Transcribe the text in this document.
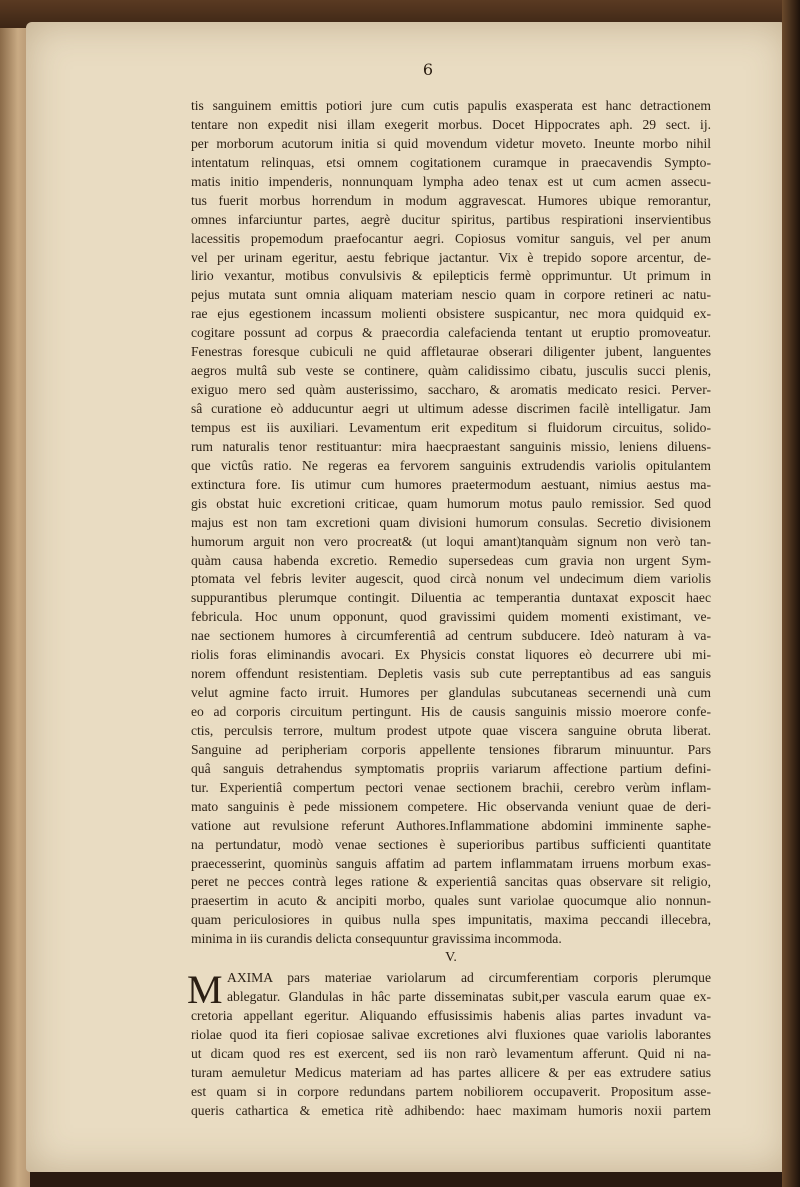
6
tis sanguinem emittis potiori jure cum cutis papulis exasperata est hanc detractionem
tentare non expedit nisi illam exegerit morbus. Docet Hippocrates aph. 29 sect. ij.
per morborum acutorum initia si quid movendum videtur moveto. Ineunte morbo nihil
intentatum relinquas, etsi omnem cogitationem curamque in praecavendis Sympto-
matis initio impenderis, nonnunquam lympha adeo tenax est ut cum acmen assecu-
tus fuerit morbus horrendum in modum aggravescat. Humores ubique remorantur,
omnes infarciuntur partes, aegrè ducitur spiritus, partibus respirationi inservientibus
lacessitis propemodum praefocantur aegri. Copiosus vomitur sanguis, vel per anum
vel per urinam egeritur, aestu febrique jactantur. Vix è trepido sopore arcentur, de-
lirio vexantur, motibus convulsivis & epilepticis fermè opprimuntur. Ut primum in
pejus mutata sunt omnia aliquam materiam nescio quam in corpore retineri ac natu-
rae ejus egestionem incassum molienti obsistere suspicantur, nec mora quidquid ex-
cogitare possunt ad corpus & praecordia calefacienda tentant ut eruptio promoveatur.
Fenestras foresque cubiculi ne quid affletaurae obserari diligenter jubent, languentes
aegros multâ sub veste se continere, quàm calidissimo cibatu, jusculis succi plenis,
exiguo mero sed quàm austerissimo, saccharo, & aromatis medicato resici. Perver-
sâ curatione eò adducuntur aegri ut ultimum adesse discrimen facilè intelligatur. Jam
tempus est iis auxiliari. Levamentum erit expeditum si fluidorum circuitus, solido-
rum naturalis tenor restituantur: mira haecpraestant sanguinis missio, leniens diluens-
que victûs ratio. Ne regeras ea fervorem sanguinis extrudendis variolis opitulantem
extinctura fore. Iis utimur cum humores praetermodum aestuant, nimius aestus ma-
gis obstat huic excretioni criticae, quam humorum motus paulo remissior. Sed quod
majus est non tam excretioni quam divisioni humorum consulas. Secretio divisionem
humorum arguit non vero procreat& (ut loqui amant)tanquàm signum non verò tan-
quàm causa habenda excretio. Remedio supersedeas cum gravia non urgent Sym-
ptomata vel febris leviter augescit, quod circà nonum vel undecimum diem variolis
suppurantibus plerumque contingit. Diluentia ac temperantia duntaxat exposcit haec
febricula. Hoc unum opponunt, quod gravissimi quidem momenti existimant, ve-
nae sectionem humores à circumferentiâ ad centrum subducere. Ideò naturam à va-
riolis foras eliminandis avocari. Ex Physicis constat liquores eò decurrere ubi mi-
norem offendunt resistentiam. Depletis vasis sub cute perreptantibus ad eas sanguis
velut agmine facto irruit. Humores per glandulas subcutaneas secernendi unà cum
eo ad corporis circuitum pertingunt. His de causis sanguinis missio moerore confe-
ctis, perculsis terrore, multum prodest utpote quae viscera sanguine obruta liberat.
Sanguine ad peripheriam corporis appellente tensiones fibrarum minuuntur. Pars
quâ sanguis detrahendus symptomatis propriis variarum affectione partium defini-
tur. Experientiâ compertum pectori venae sectionem brachii, cerebro verùm inflam-
mato sanguinis è pede missionem competere. Hic observanda veniunt quae de deri-
vatione aut revulsione referunt Authores.Inflammatione abdomini imminente saphe-
na pertundatur, modò venae sectiones è superioribus partibus sufficienti quantitate
praecesserint, quominùs sanguis affatim ad partem inflammatam irruens morbum exas-
peret ne pecces contrà leges ratione & experientiâ sancitas quas observare sit religio,
praesertim in acuto & ancipiti morbo, quales sunt variolae quocumque alio nonnun-
quam periculosiores in quibus nulla spes impunitatis, maxima peccandi illecebra,
minima in iis curandis delicta consequuntur gravissima incommoda.
V.
M AXIMA pars materiae variolarum ad circumferentiam corporis plerumque
ablegatur. Glandulas in hâc parte disseminatas subit,per vascula earum quae ex-
cretoria appellant egeritur. Aliquando effusissimis habenis alias partes invadunt va-
riolae quod ita fieri copiosae salivae excretiones alvi fluxiones quae variolis laborantes
ut dicam quod res est exercent, sed iis non rarò levamentum afferunt. Quid ni na-
turam aemuletur Medicus materiam ad has partes allicere & per eas extrudere satius
est quam si in corpore redundans partem nobiliorem occupaverit. Propositum asse-
queris cathartica & emetica ritè adhibendo: haec maximam humoris noxii partem
